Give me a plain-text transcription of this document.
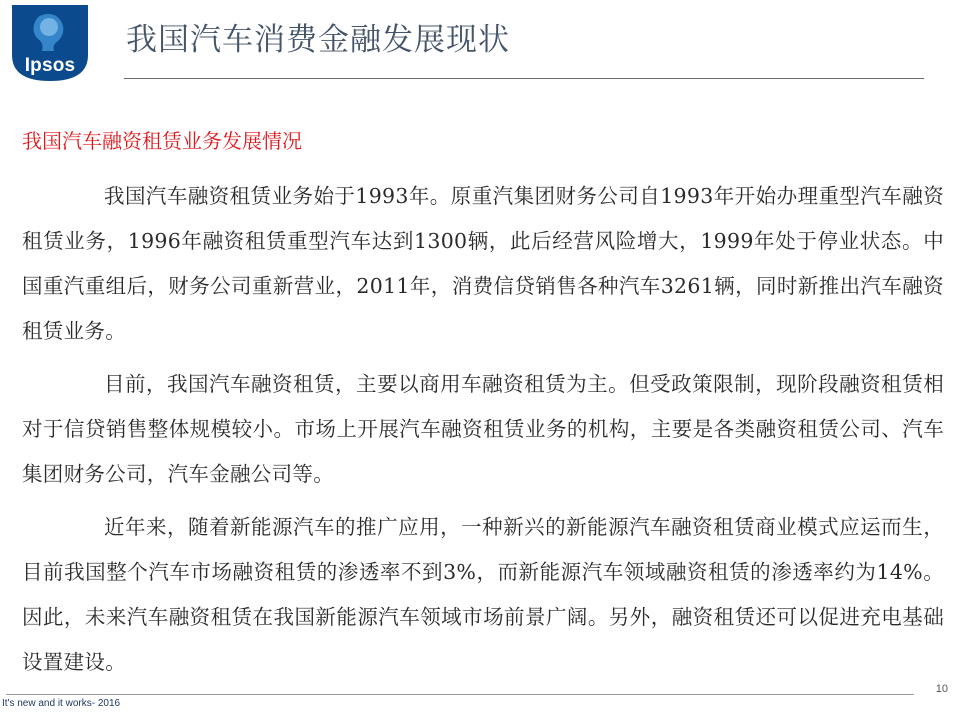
Ipsos
我国汽车消费金融发展现状
我国汽车融资租赁业务发展情况

我国汽车融资租赁业务始于1993年。原重汽集团财务公司自1993年开始办理重型汽车融资租赁业务，1996年融资租赁重型汽车达到1300辆，此后经营风险增大，1999年处于停业状态。中国重汽重组后，财务公司重新营业，2011年，消费信贷销售各种汽车3261辆，同时新推出汽车融资租赁业务。

目前，我国汽车融资租赁，主要以商用车融资租赁为主。但受政策限制，现阶段融资租赁相对于信贷销售整体规模较小。市场上开展汽车融资租赁业务的机构，主要是各类融资租赁公司、汽车集团财务公司，汽车金融公司等。

近年来，随着新能源汽车的推广应用，一种新兴的新能源汽车融资租赁商业模式应运而生，目前我国整个汽车市场融资租赁的渗透率不到3%，而新能源汽车领域融资租赁的渗透率约为14%。因此，未来汽车融资租赁在我国新能源汽车领域市场前景广阔。另外，融资租赁还可以促进充电基础设置建设。

10
It's new and it works- 2016
